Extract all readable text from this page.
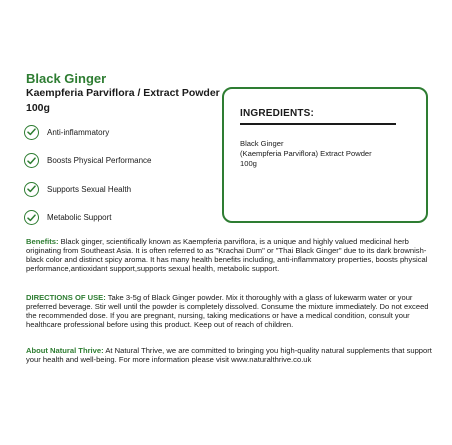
Black Ginger
Kaempferia Parviflora / Extract Powder
100g
Anti-inflammatory
Boosts Physical Performance
Supports Sexual Health
Metabolic Support
INGREDIENTS:
Black Ginger
(Kaempferia Parviflora) Extract Powder
100g
Benefits: Black ginger, scientifically known as Kaempferia parviflora, is a unique and highly valued medicinal herb originating from Southeast Asia. It is often referred to as "Krachai Dum" or "Thai Black Ginger" due to its dark brownish-black color and distinct spicy aroma. It has many health benefits including, anti-inflammatory properties, boosts physical performance,antioxidant support,supports sexual health, metabolic support.
DIRECTIONS OF USE: Take 3-5g of Black Ginger powder. Mix it thoroughly with a glass of lukewarm water or your preferred beverage. Stir well until the powder is completely dissolved. Consume the mixture immediately. Do not exceed the recommended dose. If you are pregnant, nursing, taking medications or have a medical condition, consult your healthcare professional before using this product. Keep out of reach of children.
About Natural Thrive: At Natural Thrive, we are committed to bringing you high-quality natural supplements that support your health and well-being. For more information please visit www.naturalthrive.co.uk
